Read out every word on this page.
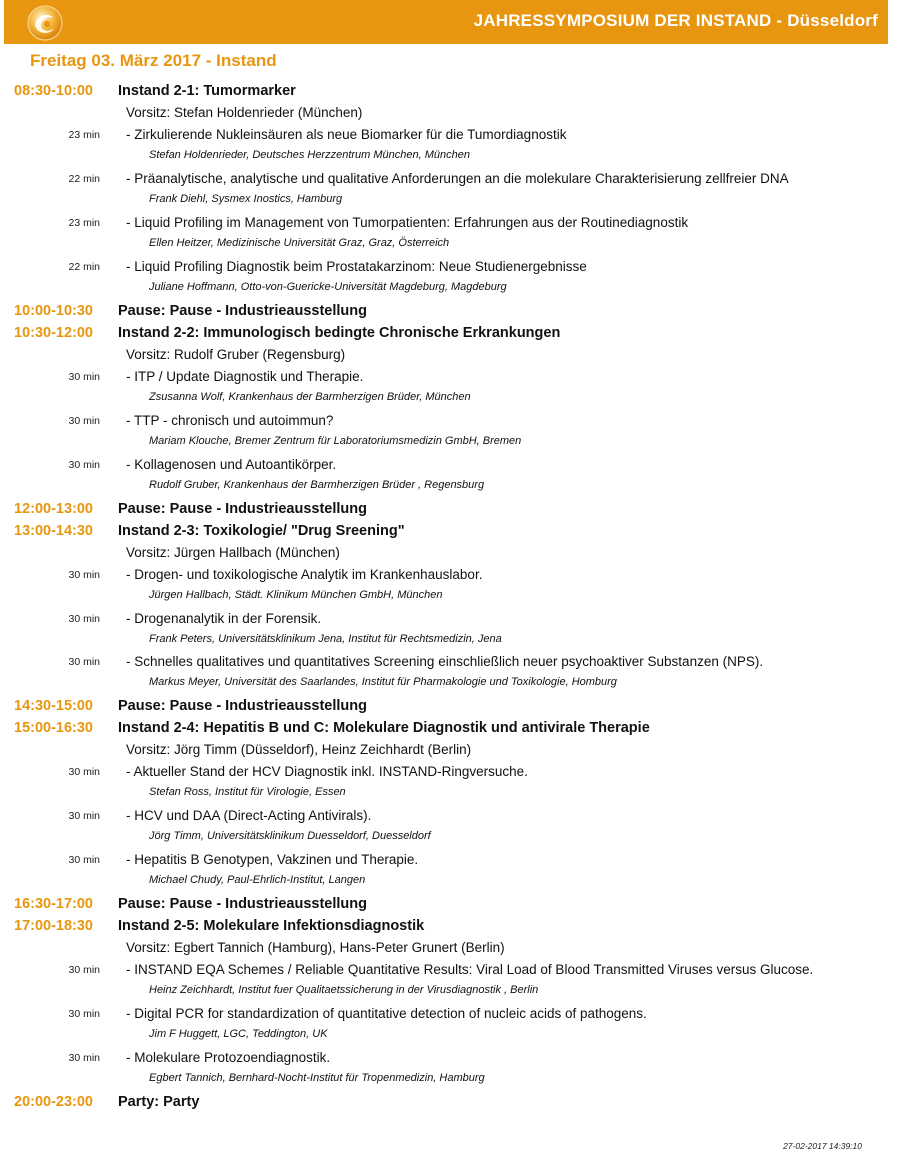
JAHRESSYMPOSIUM DER INSTAND - Düsseldorf
Freitag 03. März 2017 - Instand
08:30-10:00	Instand 2-1: Tumormarker
Vorsitz: Stefan Holdenrieder (München)
23 min - Zirkulierende Nukleinsäuren als neue Biomarker für die Tumordiagnostik
Stefan Holdenrieder, Deutsches Herzzentrum München, München
22 min - Präanalytische, analytische und qualitative Anforderungen an die molekulare Charakterisierung zellfreier DNA
Frank Diehl, Sysmex Inostics, Hamburg
23 min - Liquid Profiling im Management von Tumorpatienten: Erfahrungen aus der Routinediagnostik
Ellen Heitzer, Medizinische Universität Graz, Graz, Österreich
22 min - Liquid Profiling Diagnostik beim Prostatakarzinom: Neue Studienergebnisse
Juliane Hoffmann, Otto-von-Guericke-Universität Magdeburg, Magdeburg
10:00-10:30	Pause: Pause - Industrieausstellung
10:30-12:00	Instand 2-2: Immunologisch bedingte Chronische Erkrankungen
Vorsitz: Rudolf Gruber (Regensburg)
30 min - ITP / Update Diagnostik und Therapie.
Zsusanna Wolf, Krankenhaus der Barmherzigen Brüder, München
30 min - TTP - chronisch und autoimmun?
Mariam Klouche, Bremer Zentrum für Laboratoriumsmedizin GmbH, Bremen
30 min - Kollagenosen und Autoantikörper.
Rudolf Gruber, Krankenhaus der Barmherzigen Brüder , Regensburg
12:00-13:00	Pause: Pause - Industrieausstellung
13:00-14:30	Instand 2-3: Toxikologie/ "Drug Sreening"
Vorsitz: Jürgen Hallbach (München)
30 min - Drogen- und toxikologische Analytik im Krankenhauslabor.
Jürgen Hallbach, Städt. Klinikum München GmbH, München
30 min - Drogenanalytik in der Forensik.
Frank Peters, Universitätsklinikum Jena, Institut für Rechtsmedizin, Jena
30 min - Schnelles qualitatives und quantitatives Screening einschließlich neuer psychoaktiver Substanzen (NPS).
Markus Meyer, Universität des Saarlandes, Institut für Pharmakologie und Toxikologie, Homburg
14:30-15:00	Pause: Pause - Industrieausstellung
15:00-16:30	Instand 2-4: Hepatitis B und C: Molekulare Diagnostik und antivirale Therapie
Vorsitz: Jörg Timm (Düsseldorf), Heinz Zeichhardt (Berlin)
30 min - Aktueller Stand der HCV Diagnostik inkl. INSTAND-Ringversuche.
Stefan Ross, Institut für Virologie, Essen
30 min - HCV und DAA (Direct-Acting Antivirals).
Jörg Timm, Universitätsklinikum Duesseldorf, Duesseldorf
30 min - Hepatitis B Genotypen, Vakzinen und Therapie.
Michael Chudy, Paul-Ehrlich-Institut, Langen
16:30-17:00	Pause: Pause - Industrieausstellung
17:00-18:30	Instand 2-5: Molekulare Infektionsdiagnostik
Vorsitz: Egbert Tannich (Hamburg), Hans-Peter Grunert (Berlin)
30 min - INSTAND EQA Schemes / Reliable Quantitative Results: Viral Load of Blood Transmitted Viruses versus Glucose.
Heinz Zeichhardt, Institut fuer Qualitaetssicherung in der Virusdiagnostik , Berlin
30 min - Digital PCR for standardization of quantitative detection of nucleic acids of pathogens.
Jim F Huggett, LGC, Teddington, UK
30 min - Molekulare Protozoendiagnostik.
Egbert Tannich, Bernhard-Nocht-Institut für Tropenmedizin, Hamburg
20:00-23:00	Party: Party
27-02-2017 14:39:10
